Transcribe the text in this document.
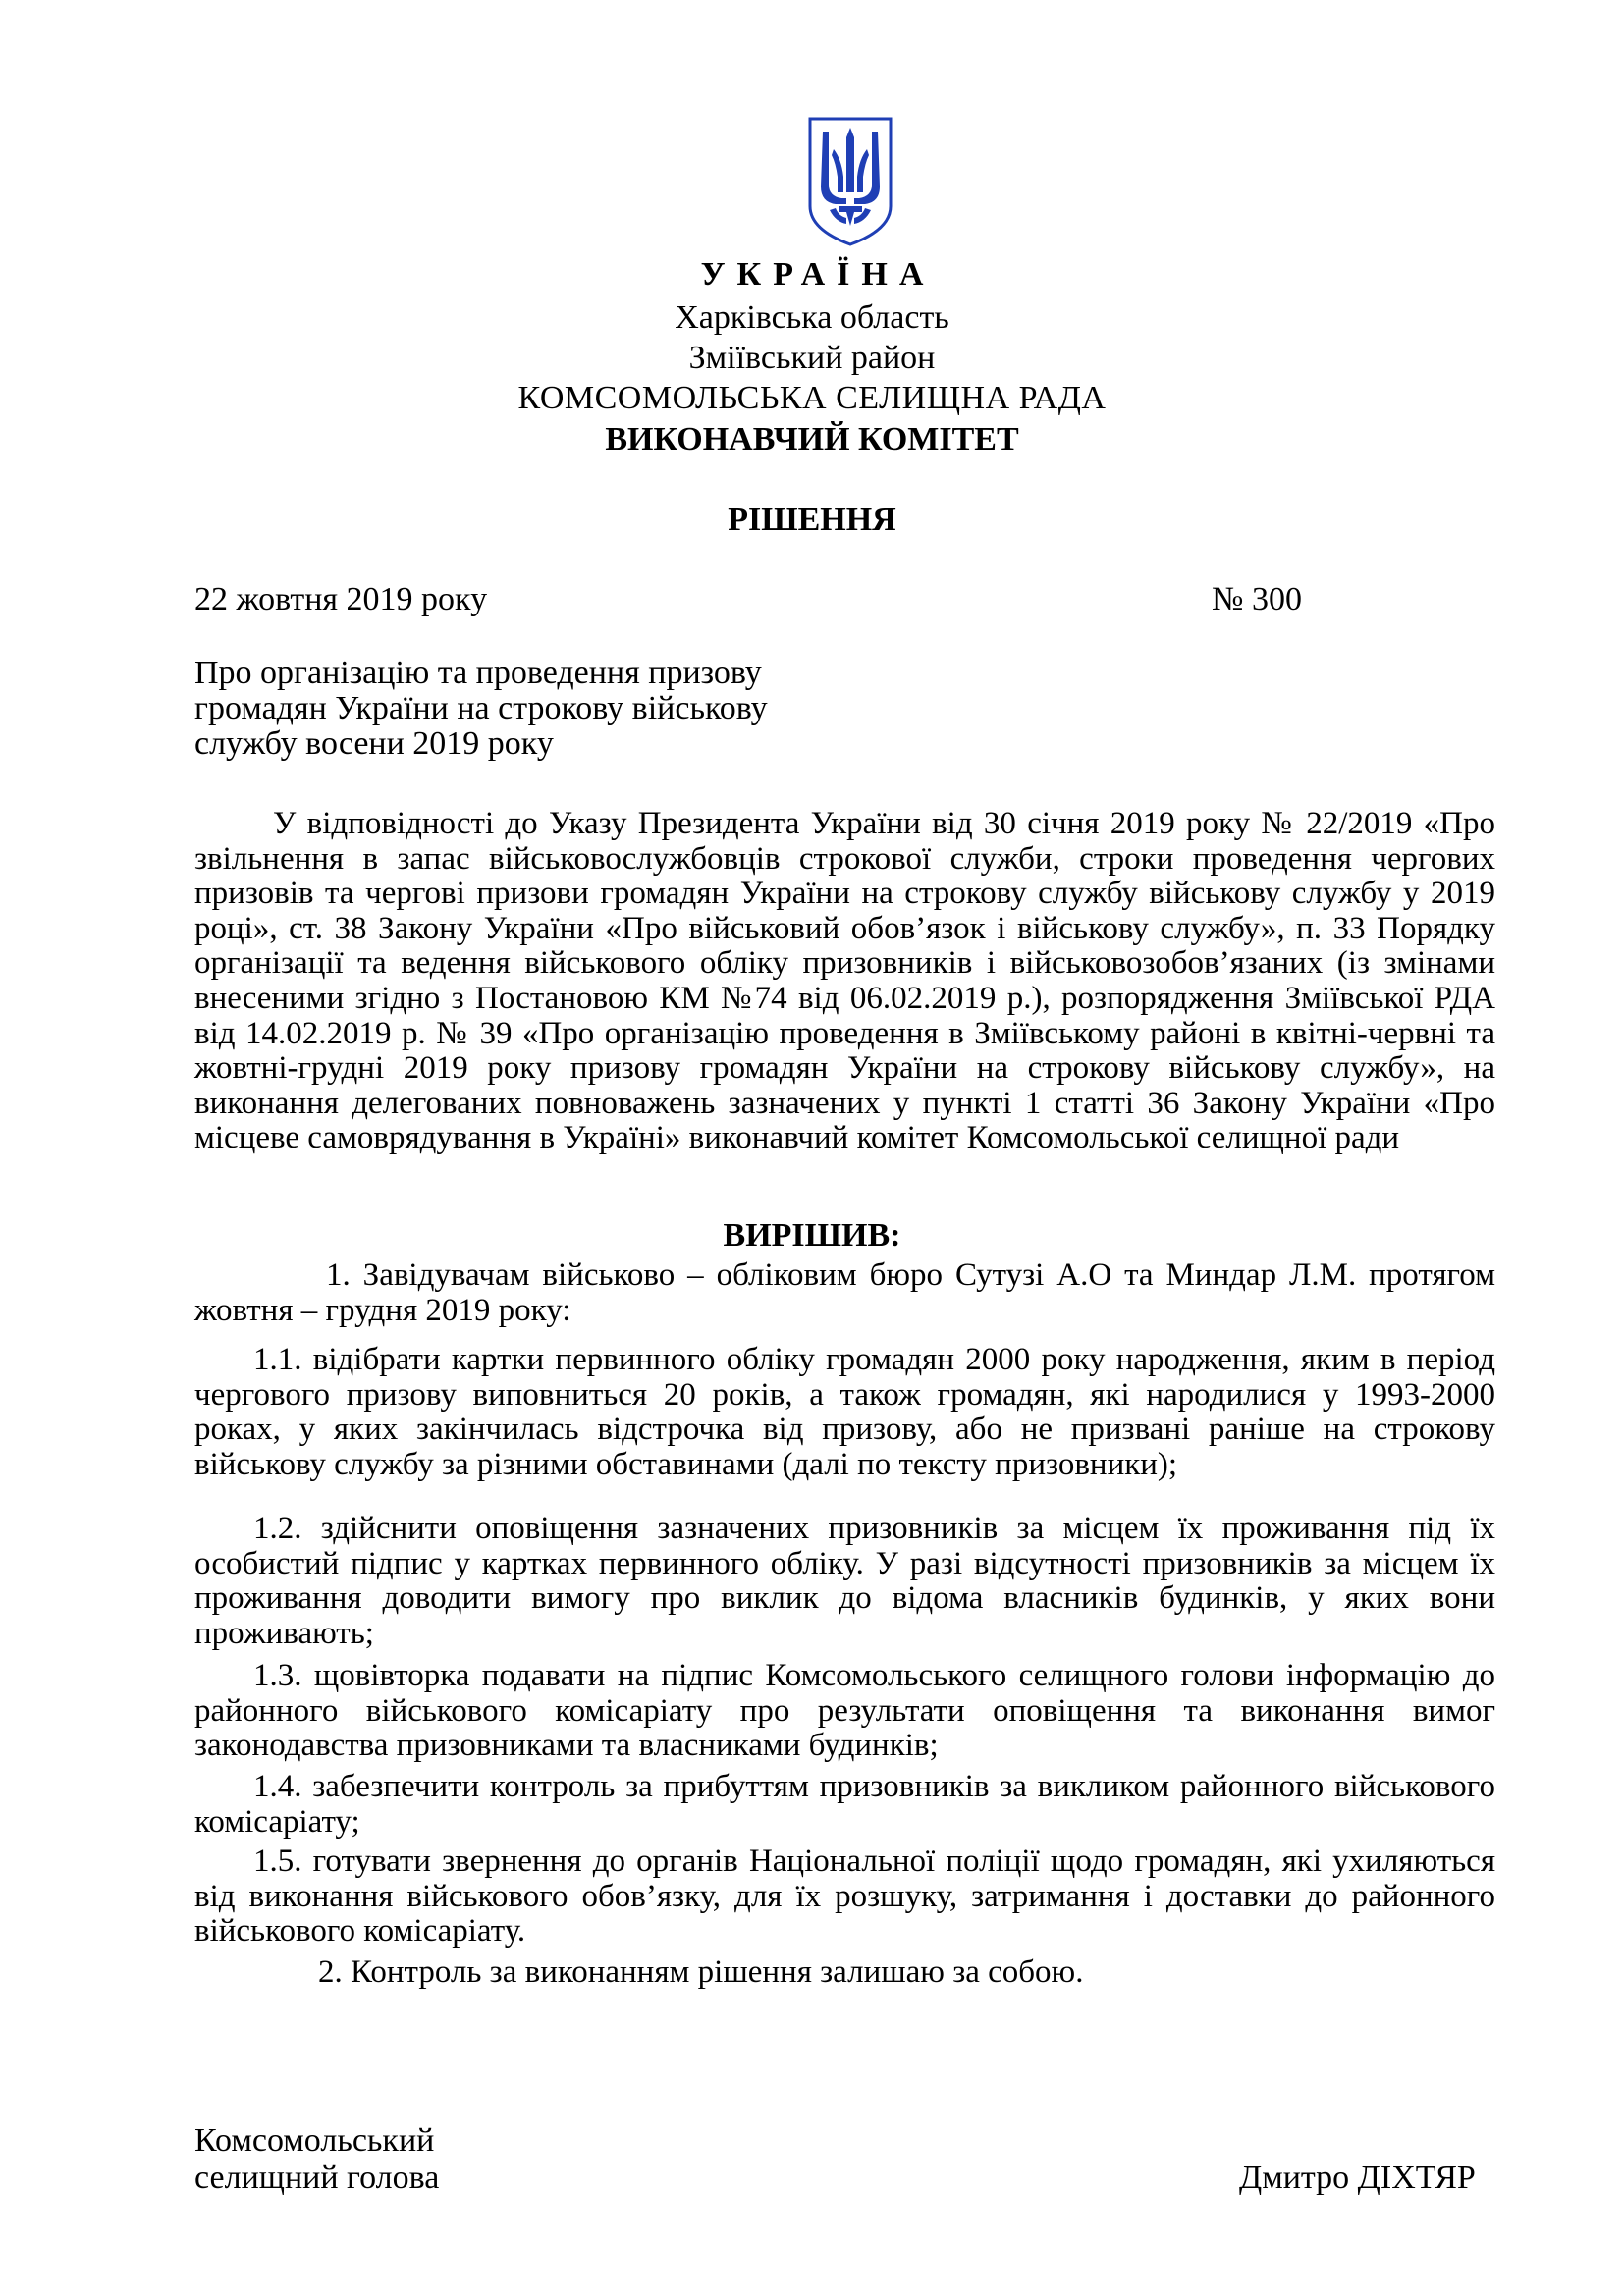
УКРАЇНА
Харківська область
Зміївський район
КОМСОМОЛЬСЬКА СЕЛИЩНА РАДА
ВИКОНАВЧИЙ КОМІТЕТ
РІШЕННЯ
22 жовтня 2019 року	№ 300
Про організацію та проведення призову
громадян України на строкову військову
службу восени 2019 року
У відповідності до Указу Президента України від 30 січня 2019 року № 22/2019 «Про звільнення в запас військовослужбовців строкової служби, строки проведення чергових призовів та чергові призови громадян України на строкову службу військову службу у 2019 році», ст. 38 Закону України «Про військовий обов’язок і військову службу», п. 33 Порядку організації та ведення військового обліку призовників і військовозобов’язаних (із змінами внесеними згідно з Постановою КМ №74 від 06.02.2019 р.), розпорядження Зміївської РДА від 14.02.2019 р. № 39 «Про організацію проведення в Зміївському районі в квітні-червні та жовтні-грудні 2019 року призову громадян України на строкову військову службу», на виконання делегованих повноважень зазначених у пункті 1 статті 36 Закону України «Про місцеве самоврядування в Україні» виконавчий комітет Комсомольської селищної ради
ВИРІШИВ:
1. Завідувачам військово – обліковим бюро Сутузі А.О та Миндар Л.М. протягом жовтня – грудня 2019 року:
1.1. відібрати картки первинного обліку громадян 2000 року народження, яким в період чергового призову виповниться 20 років, а також громадян, які народилися у 1993-2000 роках, у яких закінчилась відстрочка від призову, або не призвані раніше на строкову військову службу за різними обставинами (далі по тексту призовники);
1.2. здійснити оповіщення зазначених призовників за місцем їх проживання під їх особистий підпис у картках первинного обліку. У разі відсутності призовників за місцем їх проживання доводити вимогу про виклик до відома власників будинків, у яких вони проживають;
1.3. щовівторка подавати на підпис Комсомольського селищного голови інформацію до районного військового комісаріату про результати оповіщення та виконання вимог законодавства призовниками та власниками будинків;
1.4. забезпечити контроль за прибуттям призовників за викликом районного військового комісаріату;
1.5. готувати звернення до органів Національної поліції щодо громадян, які ухиляються від виконання військового обов’язку, для їх розшуку, затримання і доставки до районного військового комісаріату.
2. Контроль за виконанням рішення залишаю за собою.
Комсомольський
селищний голова	Дмитро ДІХТЯР
